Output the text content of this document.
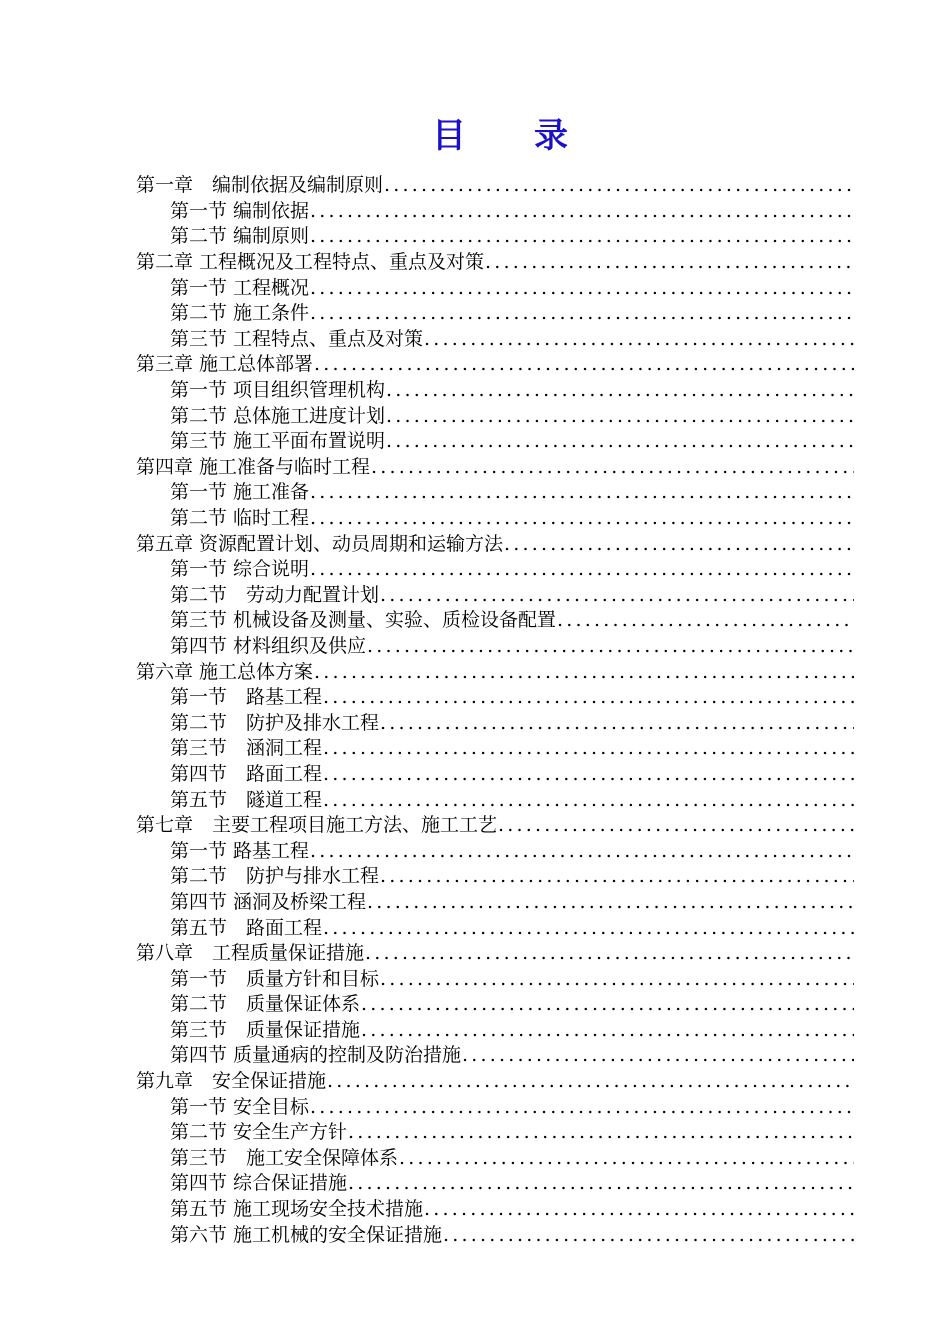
目　　录
第一章　编制依据及编制原则
.....
第一节 编制依据
.....
第二节 编制原则
.....
第二章 工程概况及工程特点、重点及对策
.....
第一节 工程概况
.....
第二节 施工条件
.....
第三节 工程特点、重点及对策
.....
第三章 施工总体部署
.....
第一节 项目组织管理机构
.....
第二节 总体施工进度计划
.....
第三节 施工平面布置说明
.....
第四章 施工准备与临时工程
.....
第一节 施工准备
.....
第二节 临时工程
.....
第五章 资源配置计划、动员周期和运输方法
.....
第一节 综合说明
.....
第二节　劳动力配置计划
.....
第三节 机械设备及测量、实验、质检设备配置
.....
第四节 材料组织及供应
.....
第六章 施工总体方案
.....
第一节　路基工程
.....
第二节　防护及排水工程
.....
第三节　涵洞工程
.....
第四节　路面工程
.....
第五节　隧道工程
.....
第七章　主要工程项目施工方法、施工工艺
.....
第一节 路基工程
.....
第二节　防护与排水工程
.....
第四节 涵洞及桥梁工程
.....
第五节　路面工程
.....
第八章　工程质量保证措施
.....
第一节　质量方针和目标
.....
第二节　质量保证体系
.....
第三节　质量保证措施
.....
第四节 质量通病的控制及防治措施
.....
第九章　安全保证措施
.....
第一节 安全目标
.....
第二节 安全生产方针
.....
第三节　施工安全保障体系
.....
第四节 综合保证措施
.....
第五节 施工现场安全技术措施
.....
第六节 施工机械的安全保证措施
.....
